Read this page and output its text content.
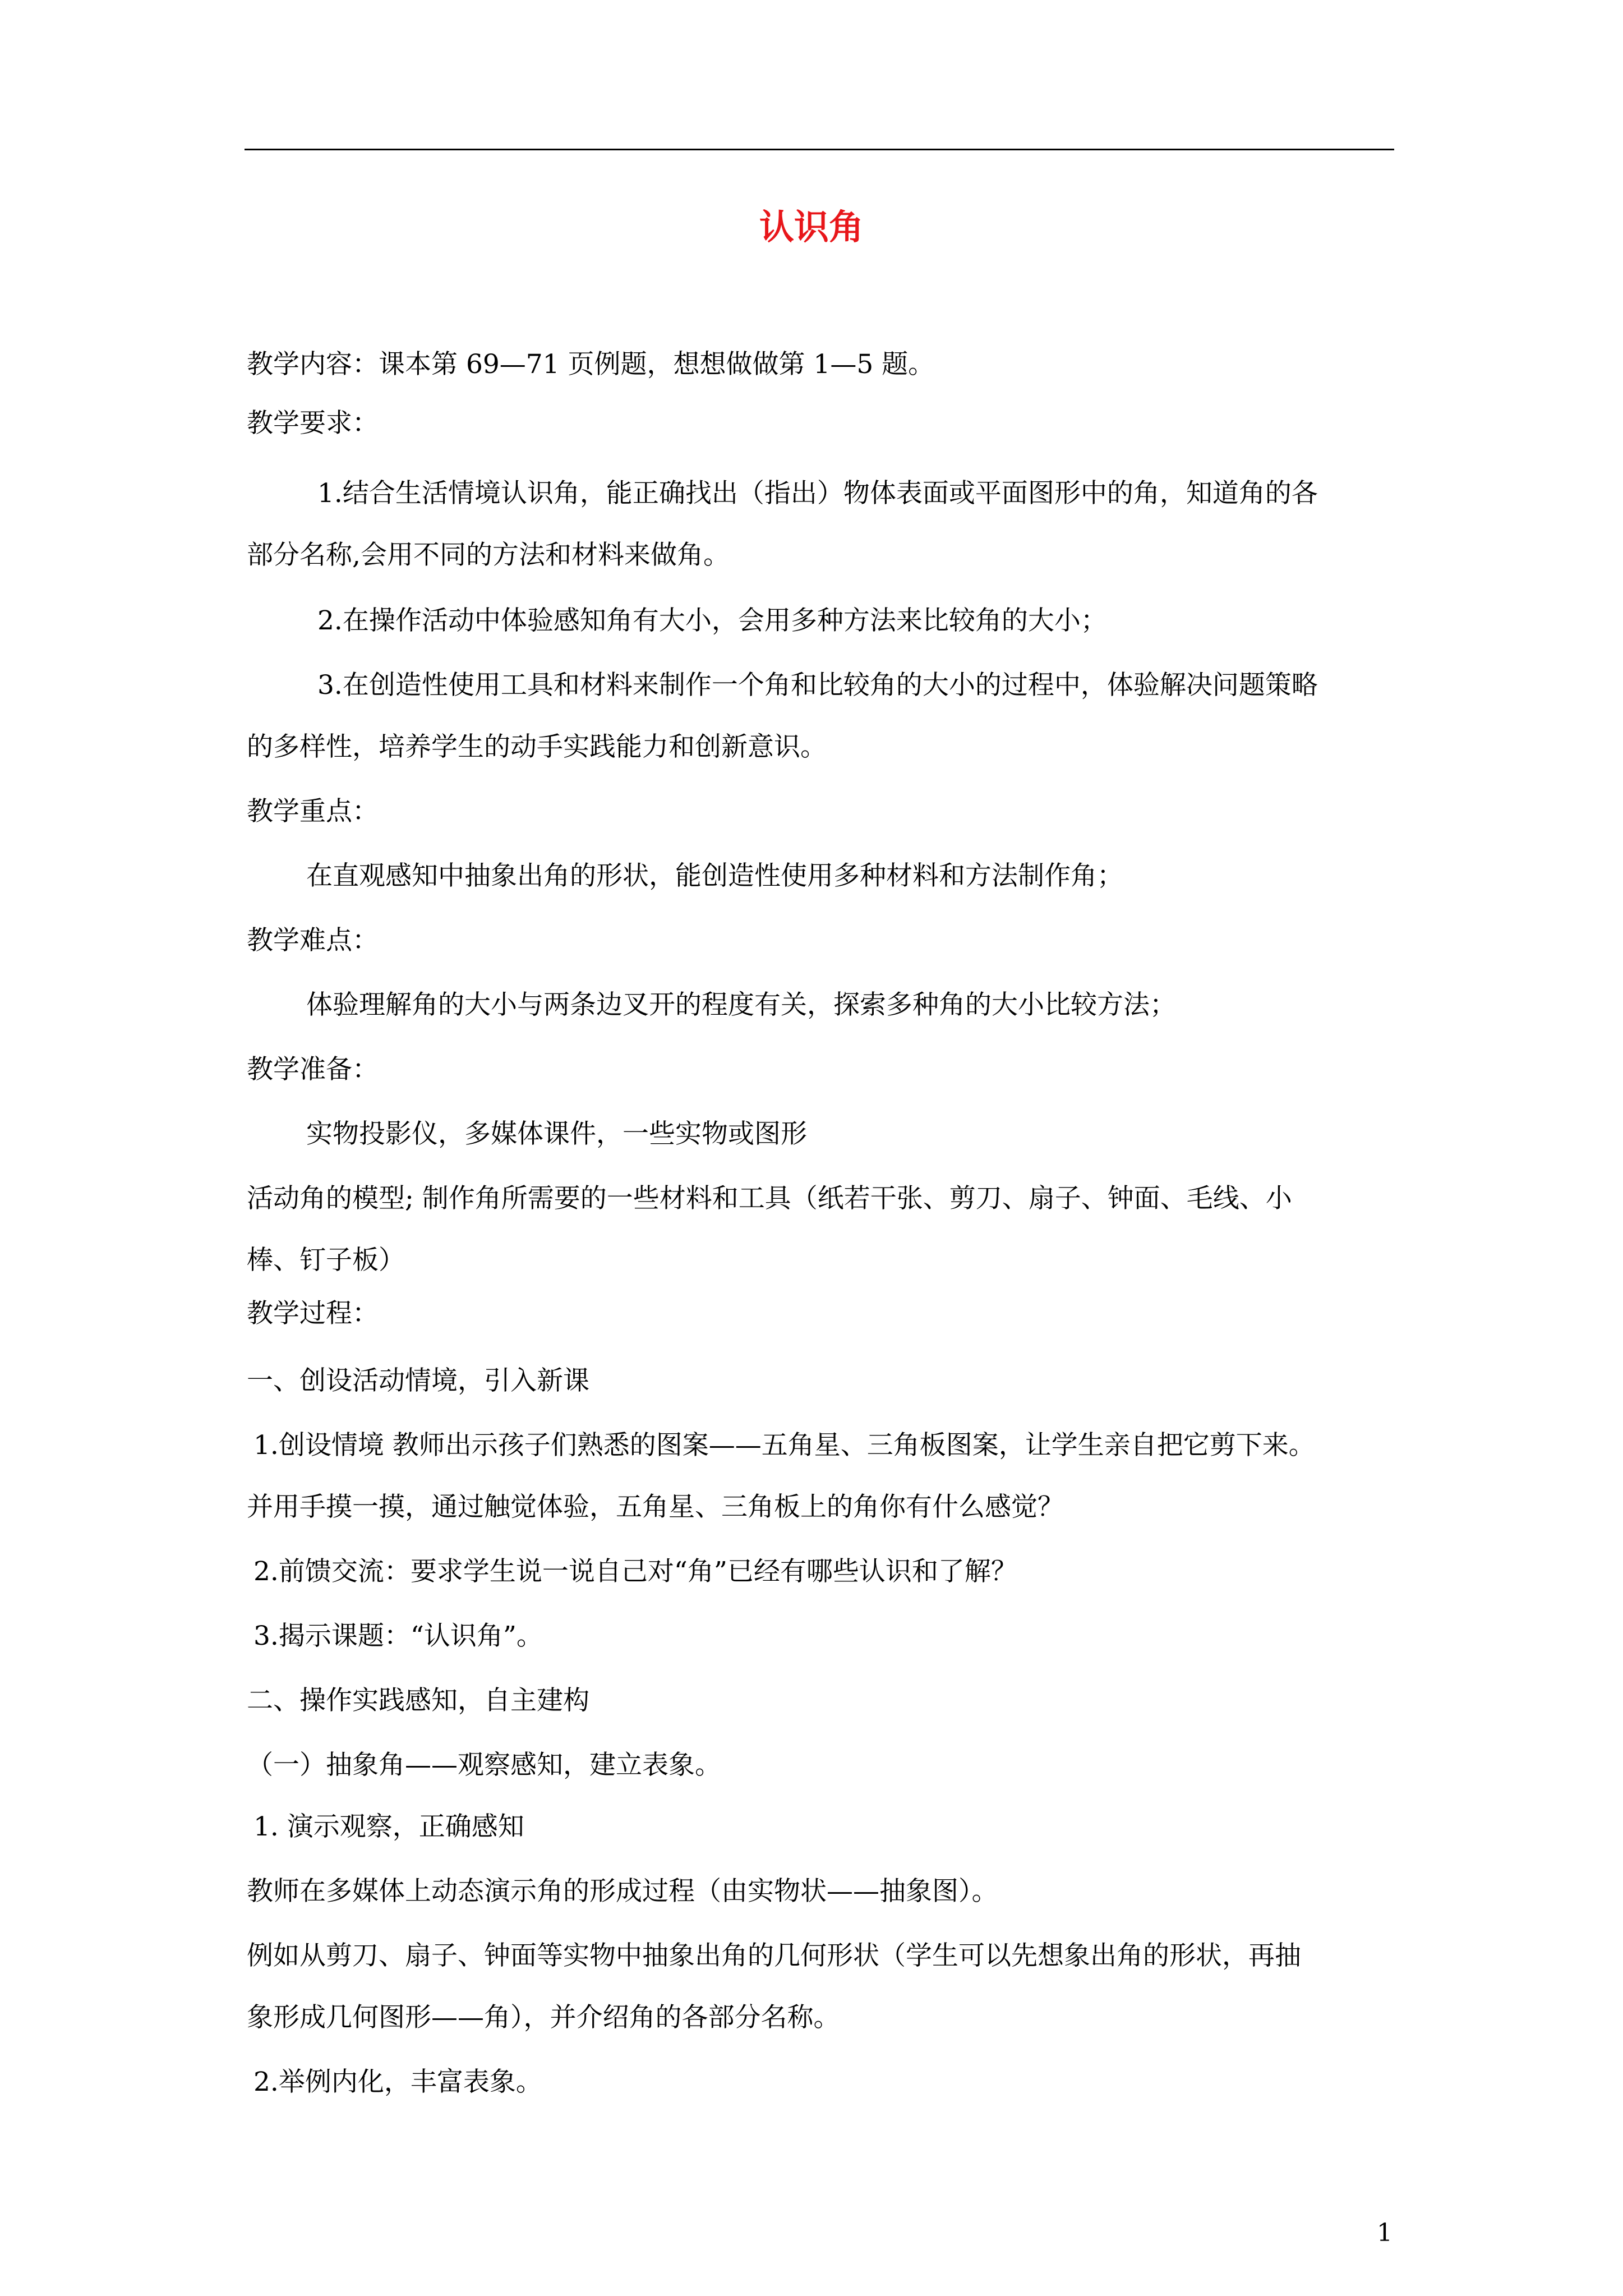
认识角
教学内容：课本第 69—71 页例题，想想做做第 1—5 题。
教学要求：
1.结合生活情境认识角，能正确找出（指出）物体表面或平面图形中的角，知道角的各
部分名称,会用不同的方法和材料来做角。
2.在操作活动中体验感知角有大小，会用多种方法来比较角的大小；
3.在创造性使用工具和材料来制作一个角和比较角的大小的过程中，体验解决问题策略
的多样性，培养学生的动手实践能力和创新意识。
教学重点：
在直观感知中抽象出角的形状，能创造性使用多种材料和方法制作角；
教学难点：
体验理解角的大小与两条边叉开的程度有关，探索多种角的大小比较方法；
教学准备：
实物投影仪，多媒体课件，一些实物或图形
活动角的模型; 制作角所需要的一些材料和工具（纸若干张、剪刀、扇子、钟面、毛线、小
棒、钉子板）
教学过程：
一、创设活动情境，引入新课
1.创设情境 教师出示孩子们熟悉的图案——五角星、三角板图案，让学生亲自把它剪下来。
并用手摸一摸，通过触觉体验，五角星、三角板上的角你有什么感觉？
2.前馈交流：要求学生说一说自己对“角”已经有哪些认识和了解？
3.揭示课题：“认识角”。
二、操作实践感知，自主建构
（一）抽象角——观察感知，建立表象。
1. 演示观察，正确感知
教师在多媒体上动态演示角的形成过程（由实物状——抽象图）。
例如从剪刀、扇子、钟面等实物中抽象出角的几何形状（学生可以先想象出角的形状，再抽
象形成几何图形——角），并介绍角的各部分名称。
2.举例内化，丰富表象。
1
